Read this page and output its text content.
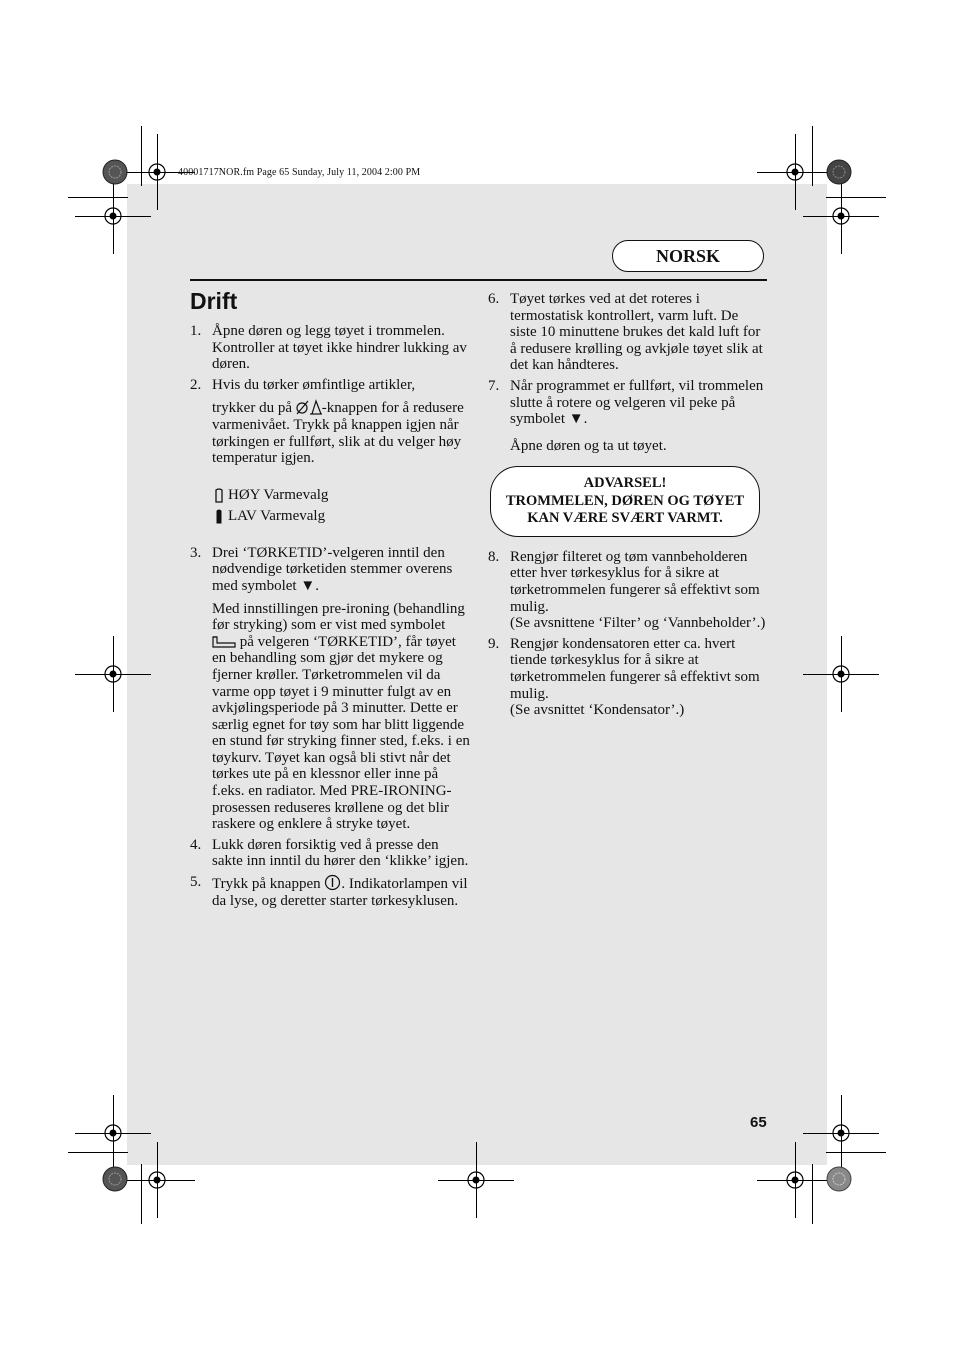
40001717NOR.fm Page 65 Sunday, July 11, 2004 2:00 PM
NORSK
Drift
1. Åpne døren og legg tøyet i trommelen. Kontroller at tøyet ikke hindrer lukking av døren.

2. Hvis du tørker ømfintlige artikler,

trykker du på -knappen for å redusere varmenivået. Trykk på knappen igjen når tørkingen er fullført, slik at du velger høy temperatur igjen.

HØY Varmevalg
LAV Varmevalg
3. Drei ‘TØRKETID’-velgeren inntil den nødvendige tørketiden stemmer overens med symbolet ▼.

Med innstillingen pre-ironing (behandling før stryking) som er vist med symbolet  på velgeren ‘TØRKETID’, får tøyet en behandling som gjør det mykere og fjerner krøller. Tørketrommelen vil da varme opp tøyet i 9 minutter fulgt av en avkjølingsperiode på 3 minutter. Dette er særlig egnet for tøy som har blitt liggende en stund før stryking finner sted, f.eks. i en tøykurv. Tøyet kan også bli stivt når det tørkes ute på en klessnor eller inne på f.eks. en radiator. Med PRE-IRONING-prosessen reduseres krøllene og det blir raskere og enklere å stryke tøyet.

4. Lukk døren forsiktig ved å presse den sakte inn inntil du hører den ‘klikke’ igjen.

5. Trykk på knappen . Indikatorlampen vil da lyse, og deretter starter tørkesyklusen.

6. Tøyet tørkes ved at det roteres i termostatisk kontrollert, varm luft. De siste 10 minuttene brukes det kald luft for å redusere krølling og avkjøle tøyet slik at det kan håndteres.

7. Når programmet er fullført, vil trommelen slutte å rotere og velgeren vil peke på symbolet ▼.

Åpne døren og ta ut tøyet.

ADVARSEL!
TROMMELEN, DØREN OG TØYET KAN VÆRE SVÆRT VARMT.
8. Rengjør filteret og tøm vannbeholderen etter hver tørkesyklus for å sikre at tørketrommelen fungerer så effektivt som mulig.

(Se avsnittene ‘Filter’ og ‘Vannbeholder’.)

9. Rengjør kondensatoren etter ca. hvert tiende tørkesyklus for å sikre at tørketrommelen fungerer så effektivt som mulig.

(Se avsnittet ‘Kondensator’.)

65
